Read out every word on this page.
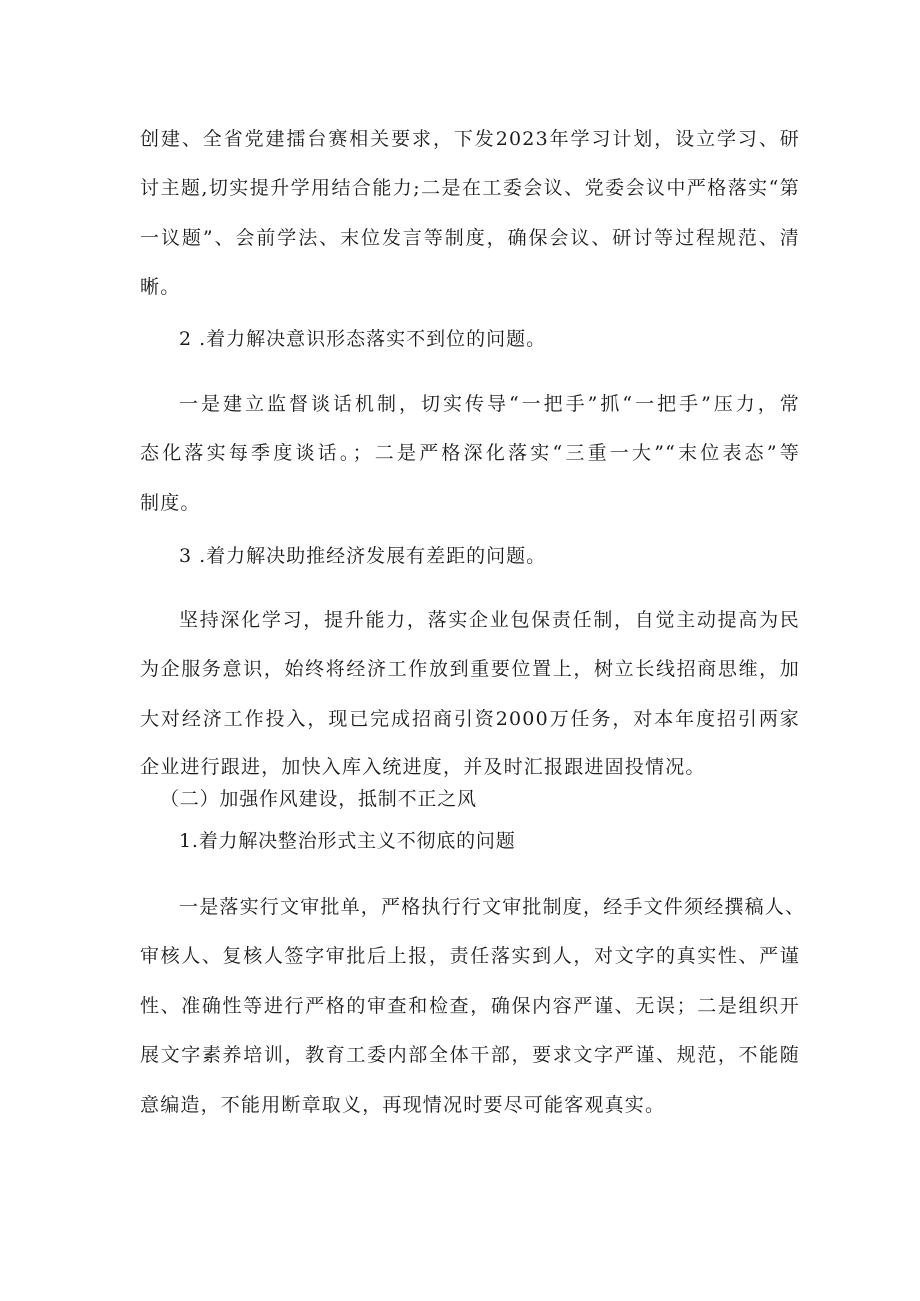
创建、全省党建擂台赛相关要求，下发2023年学习计划，设立学习、研
讨主题,切实提升学用结合能力;二是在工委会议、党委会议中严格落实“第
一议题”、会前学法、末位发言等制度，确保会议、研讨等过程规范、清
晰。
2 .着力解决意识形态落实不到位的问题。
一是建立监督谈话机制，切实传导“一把手”抓“一把手”压力，常
态化落实每季度谈话。；二是严格深化落实“三重一大”“末位表态”等
制度。
3 .着力解决助推经济发展有差距的问题。
坚持深化学习，提升能力，落实企业包保责任制，自觉主动提高为民
为企服务意识，始终将经济工作放到重要位置上，树立长线招商思维，加
大对经济工作投入，现已完成招商引资2000万任务，对本年度招引两家
企业进行跟进，加快入库入统进度，并及时汇报跟进固投情况。
（二）加强作风建设，抵制不正之风
1.着力解决整治形式主义不彻底的问题
一是落实行文审批单，严格执行行文审批制度，经手文件须经撰稿人、
审核人、复核人签字审批后上报，责任落实到人，对文字的真实性、严谨
性、准确性等进行严格的审查和检查，确保内容严谨、无误；二是组织开
展文字素养培训，教育工委内部全体干部，要求文字严谨、规范，不能随
意编造，不能用断章取义，再现情况时要尽可能客观真实。
